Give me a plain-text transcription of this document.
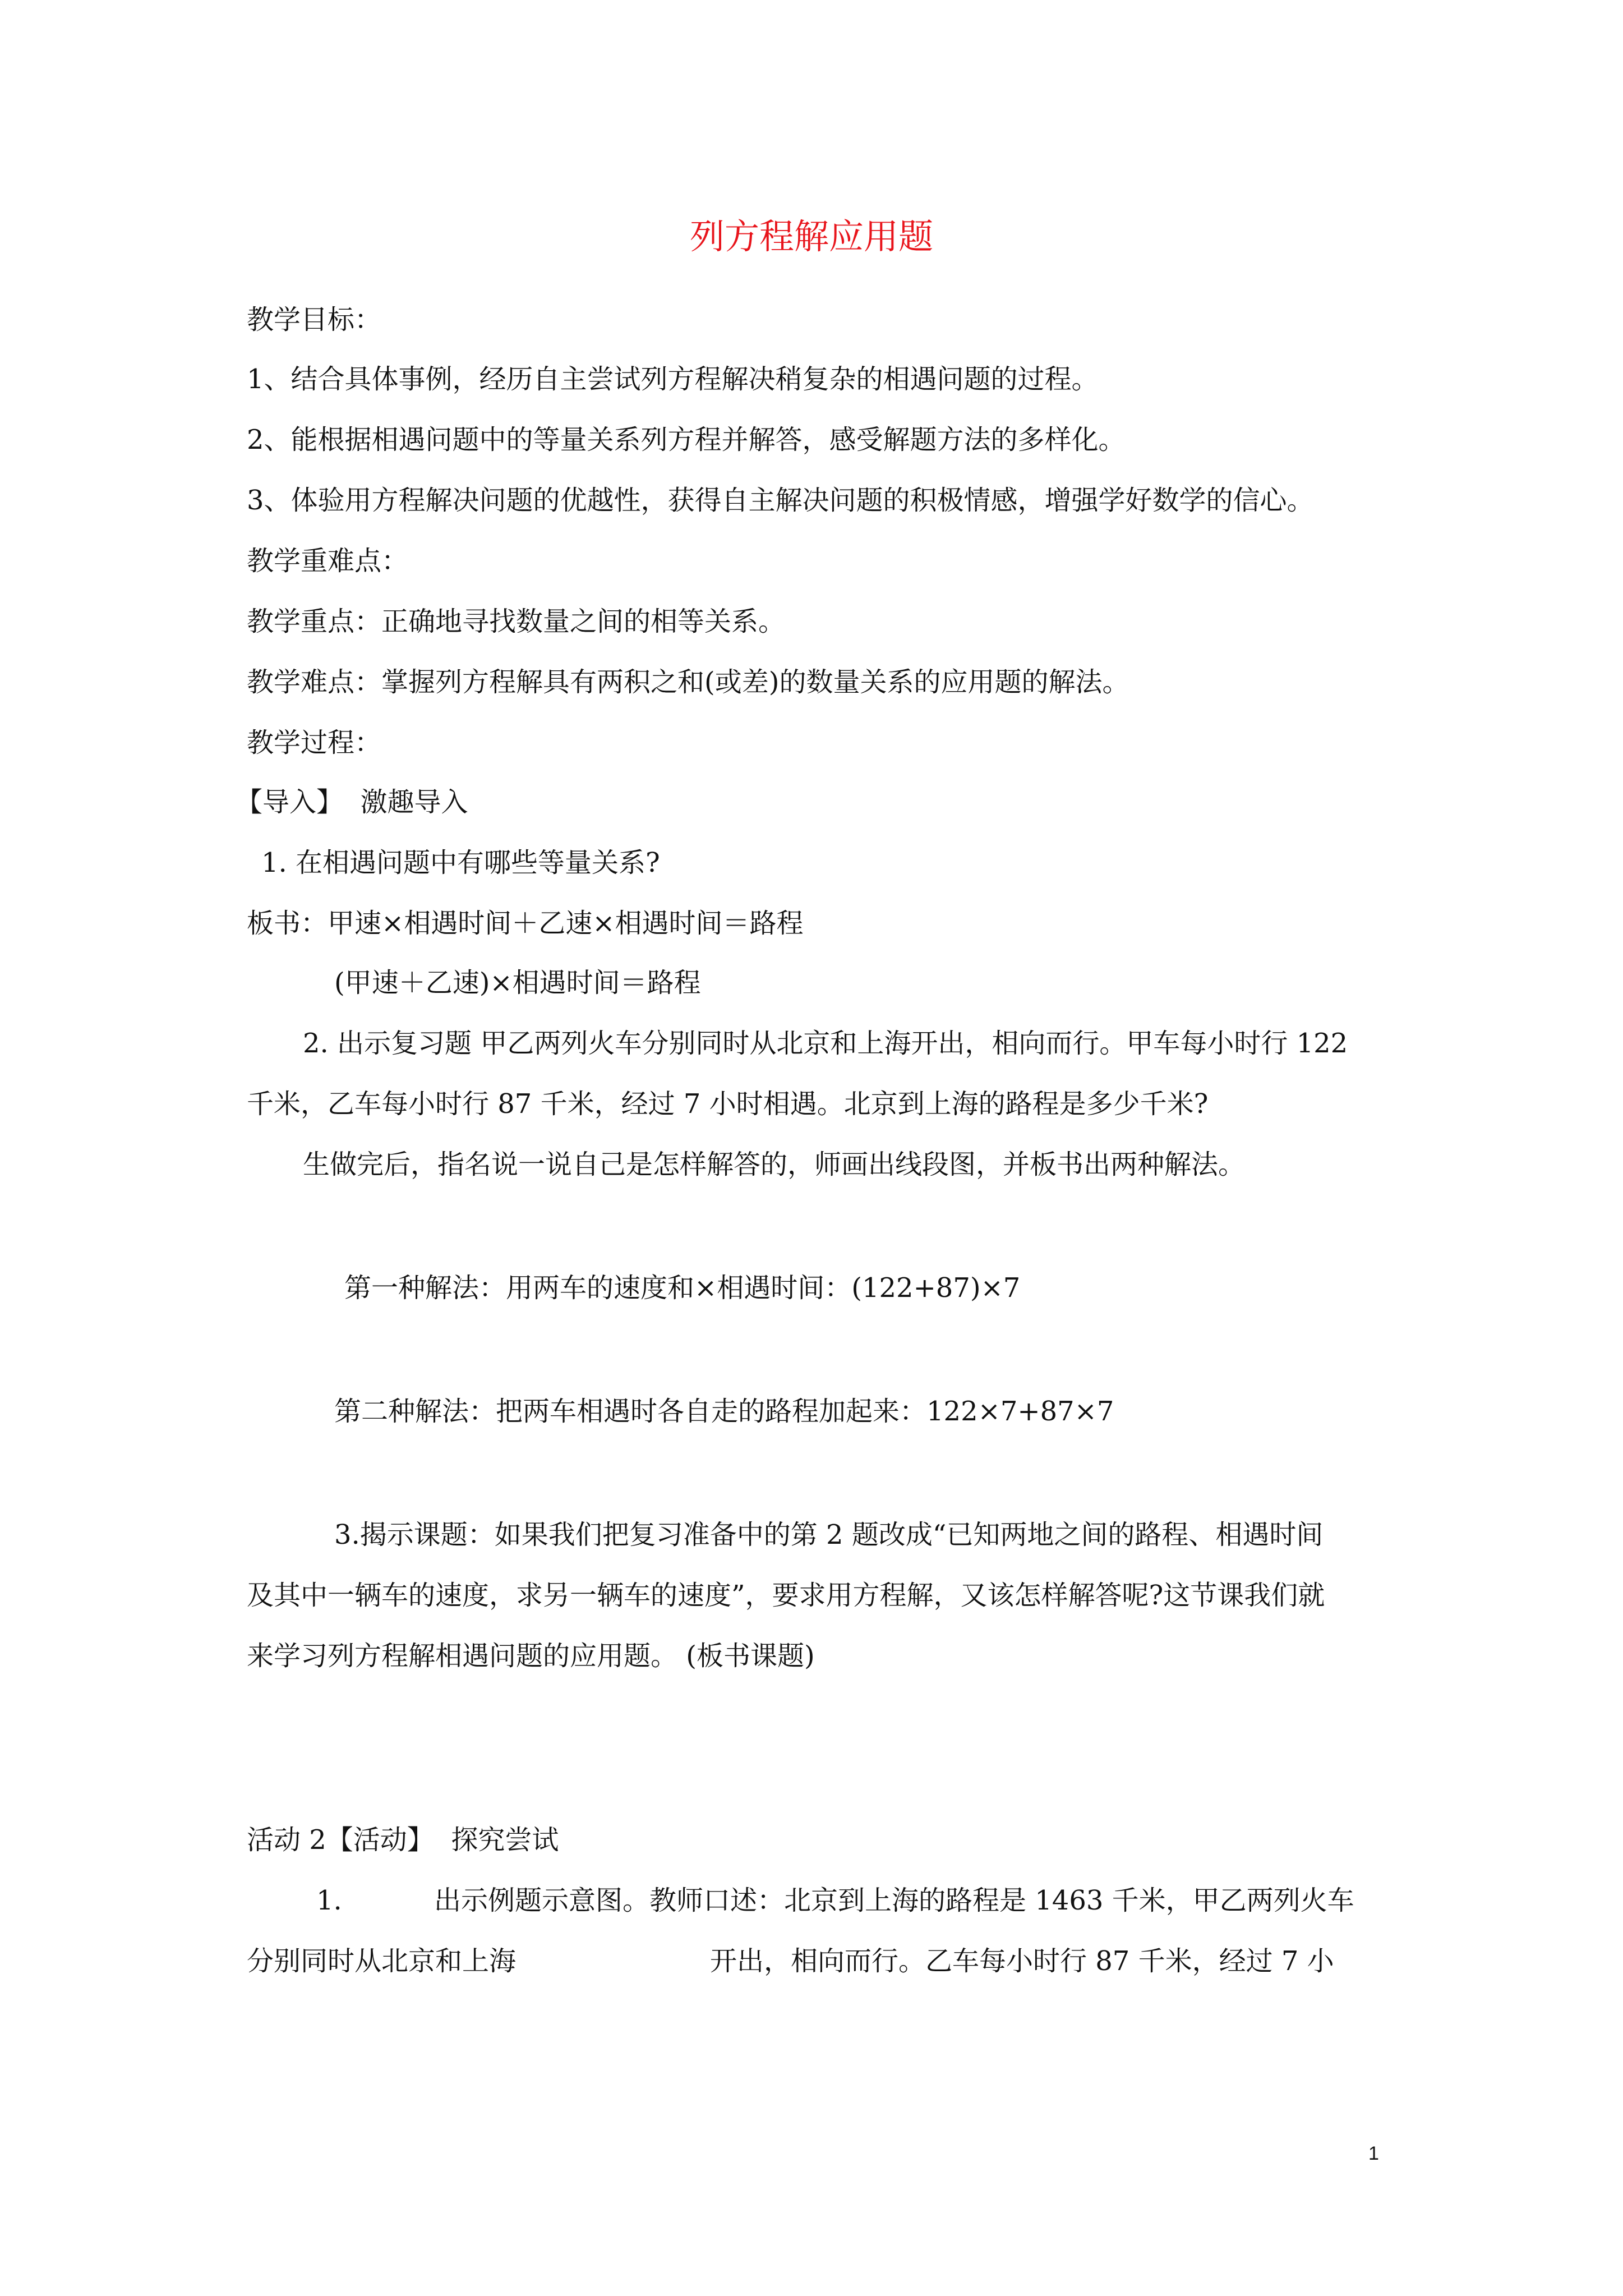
列方程解应用题
教学目标：
1、结合具体事例，经历自主尝试列方程解决稍复杂的相遇问题的过程。
2、能根据相遇问题中的等量关系列方程并解答，感受解题方法的多样化。
3、体验用方程解决问题的优越性，获得自主解决问题的积极情感，增强学好数学的信心。
教学重难点：
教学重点：正确地寻找数量之间的相等关系。
教学难点：掌握列方程解具有两积之和(或差)的数量关系的应用题的解法。
教学过程：
【导入】  激趣导入
1. 在相遇问题中有哪些等量关系?
板书：甲速×相遇时间＋乙速×相遇时间＝路程
(甲速＋乙速)×相遇时间＝路程
2. 出示复习题 甲乙两列火车分别同时从北京和上海开出，相向而行。甲车每小时行 122
千米，乙车每小时行 87 千米，经过 7 小时相遇。北京到上海的路程是多少千米?
生做完后，指名说一说自己是怎样解答的，师画出线段图，并板书出两种解法。
第一种解法：用两车的速度和×相遇时间：(122+87)×7
第二种解法：把两车相遇时各自走的路程加起来：122×7+87×7
3.揭示课题：如果我们把复习准备中的第 2 题改成“已知两地之间的路程、相遇时间
及其中一辆车的速度，求另一辆车的速度”，要求用方程解，又该怎样解答呢?这节课我们就
来学习列方程解相遇问题的应用题。 (板书课题)
活动 2【活动】  探究尝试
1.	出示例题示意图。教师口述：北京到上海的路程是 1463 千米，甲乙两列火车
分别同时从北京和上海	开出，相向而行。乙车每小时行 87 千米，经过 7 小
1
